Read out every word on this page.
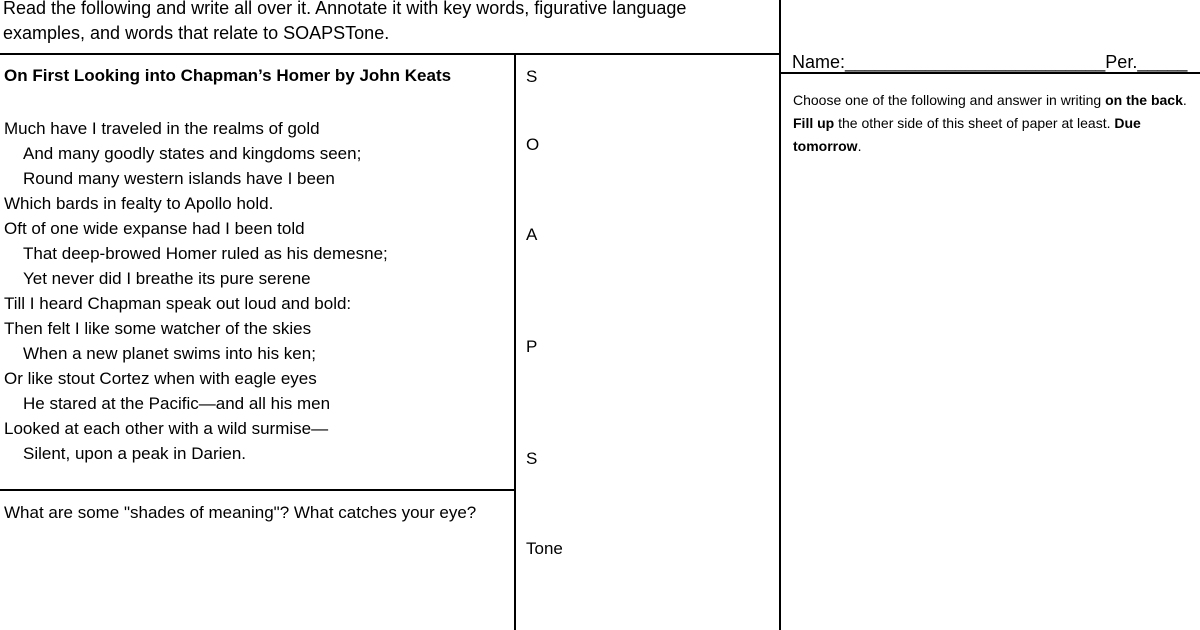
Read the following and write all over it. Annotate it with key words, figurative language
examples, and words that relate to SOAPSTone.
On First Looking into Chapman’s Homer by John Keats
Much have I traveled in the realms of gold
And many goodly states and kingdoms seen;
Round many western islands have I been
Which bards in fealty to Apollo hold.
Oft of one wide expanse had I been told
That deep-browed Homer ruled as his demesne;
Yet never did I breathe its pure serene
Till I heard Chapman speak out loud and bold:
Then felt I like some watcher of the skies
When a new planet swims into his ken;
Or like stout Cortez when with eagle eyes
He stared at the Pacific—and all his men
Looked at each other with a wild surmise—
Silent, upon a peak in Darien.
S
O
A
P
S
Tone
What are some "shades of meaning"? What catches your eye?
Name:__________________________Per._____
Choose one of the following and answer in writing on the back. Fill up the other side of this sheet of paper at least. Due tomorrow.
